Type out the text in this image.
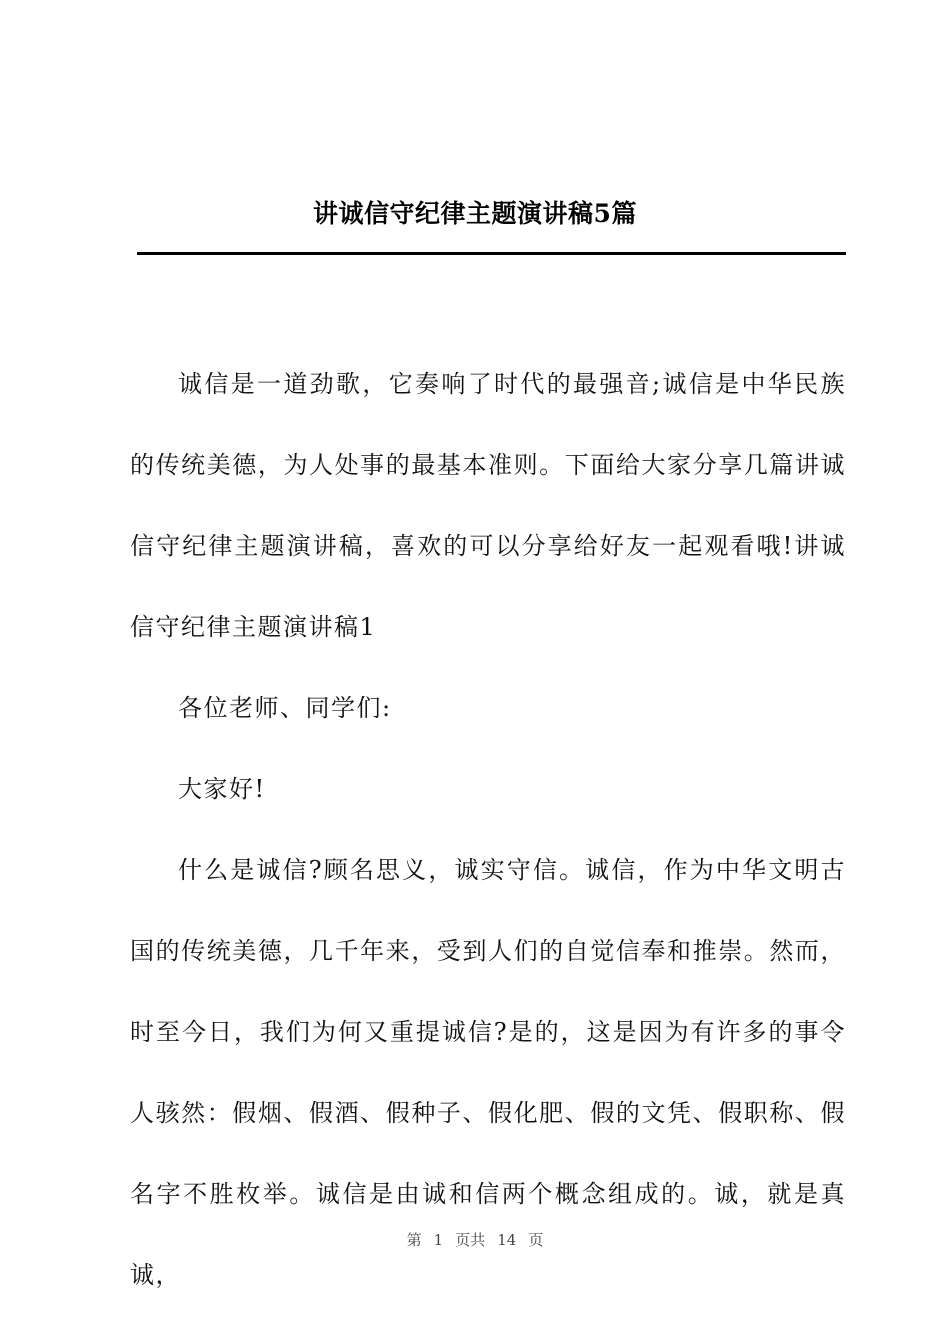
讲诚信守纪律主题演讲稿5篇

诚信是一道劲歌，它奏响了时代的最强音;诚信是中华民族的传统美德，为人处事的最基本准则。下面给大家分享几篇讲诚信守纪律主题演讲稿，喜欢的可以分享给好友一起观看哦!讲诚信守纪律主题演讲稿1

各位老师、同学们:

大家好!

什么是诚信?顾名思义，诚实守信。诚信，作为中华文明古国的传统美德，几千年来，受到人们的自觉信奉和推崇。然而，时至今日，我们为何又重提诚信?是的，这是因为有许多的事令人骇然：假烟、假酒、假种子、假化肥、假的文凭、假职称、假名字不胜枚举。诚信是由诚和信两个概念组成的。诚，就是真诚，

第 1 页共 14 页
